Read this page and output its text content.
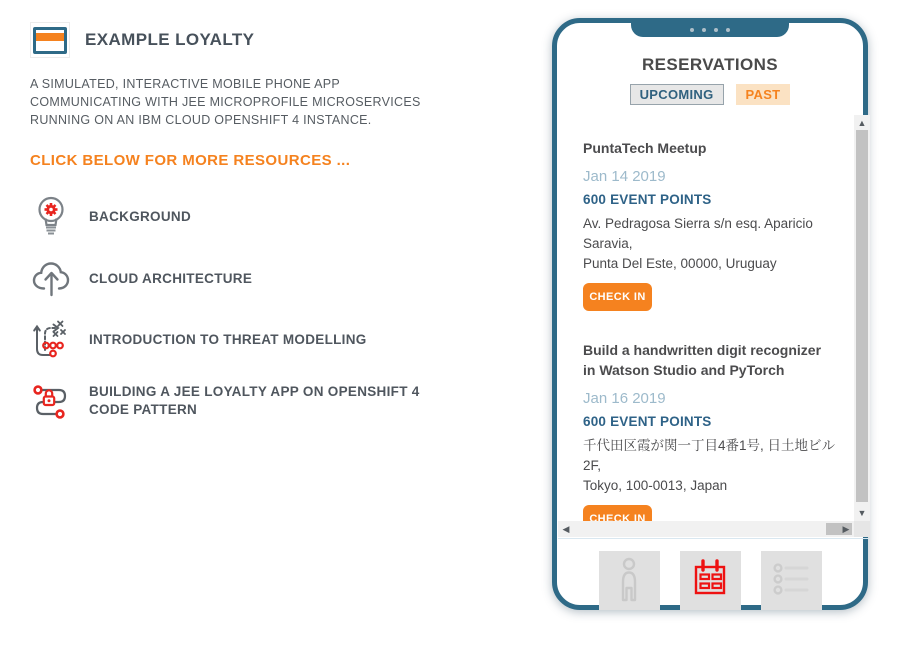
EXAMPLE LOYALTY
A SIMULATED, INTERACTIVE MOBILE PHONE APP COMMUNICATING WITH JEE MICROPROFILE MICROSERVICES RUNNING ON AN IBM CLOUD OPENSHIFT 4 INSTANCE.
CLICK BELOW FOR MORE RESOURCES ...
BACKGROUND
CLOUD ARCHITECTURE
INTRODUCTION TO THREAT MODELLING
BUILDING A JEE LOYALTY APP ON OPENSHIFT 4 CODE PATTERN
RESERVATIONS
UPCOMING	PAST
PuntaTech Meetup
Jan 14 2019
600 EVENT POINTS
Av. Pedragosa Sierra s/n esq. Aparicio Saravia,
Punta Del Este, 00000, Uruguay
CHECK IN
Build a handwritten digit recognizer in Watson Studio and PyTorch
Jan 16 2019
600 EVENT POINTS
千代田区霞が関一丁目4番1号, 日土地ビル2F,
Tokyo, 100-0013, Japan
CHECK IN
▲
▼
◀	▶
